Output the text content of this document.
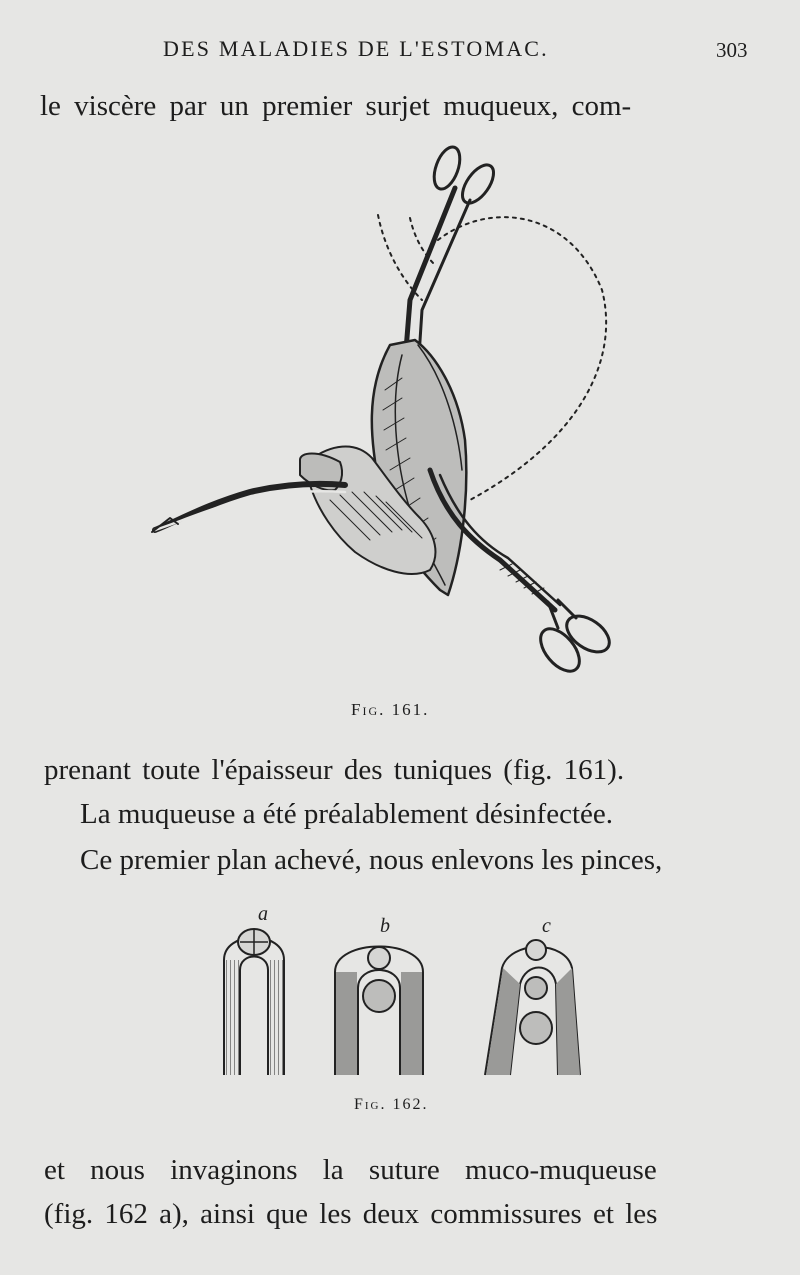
DES MALADIES DE L'ESTOMAC.	303
le viscère par un premier surjet muqueux, com-
Fig. 161.
prenant toute l'épaisseur des tuniques (fig. 161).
La muqueuse a été préalablement désinfectée.
Ce premier plan achevé, nous enlevons les pinces,
a
b	c
Fig. 162.
et nous invaginons la suture muco-muqueuse
(fig. 162 a), ainsi que les deux commissures et les
